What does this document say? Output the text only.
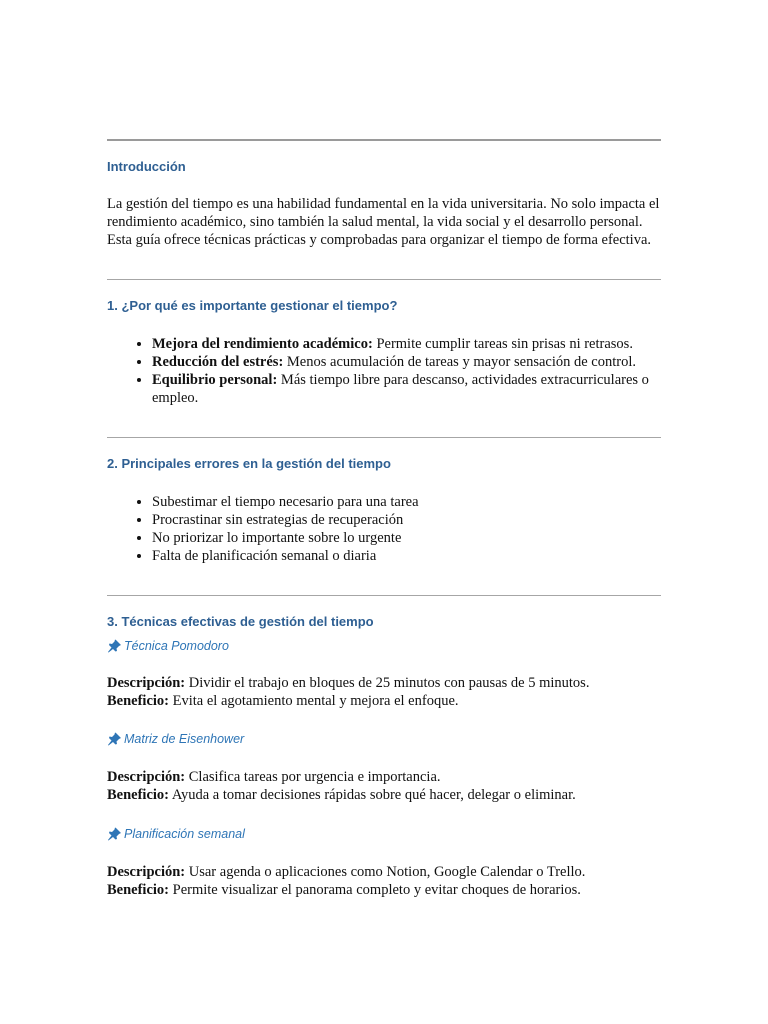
Introducción

La gestión del tiempo es una habilidad fundamental en la vida universitaria. No solo impacta el rendimiento académico, sino también la salud mental, la vida social y el desarrollo personal. Esta guía ofrece técnicas prácticas y comprobadas para organizar el tiempo de forma efectiva.

1. ¿Por qué es importante gestionar el tiempo?
• Mejora del rendimiento académico: Permite cumplir tareas sin prisas ni retrasos.
• Reducción del estrés: Menos acumulación de tareas y mayor sensación de control.
• Equilibrio personal: Más tiempo libre para descanso, actividades extracurriculares o empleo.
2. Principales errores en la gestión del tiempo
• Subestimar el tiempo necesario para una tarea
• Procrastinar sin estrategias de recuperación
• No priorizar lo importante sobre lo urgente
• Falta de planificación semanal o diaria
3. Técnicas efectivas de gestión del tiempo
Técnica Pomodoro

Descripción: Dividir el trabajo en bloques de 25 minutos con pausas de 5 minutos.

Beneficio: Evita el agotamiento mental y mejora el enfoque.

Matriz de Eisenhower

Descripción: Clasifica tareas por urgencia e importancia.

Beneficio: Ayuda a tomar decisiones rápidas sobre qué hacer, delegar o eliminar.

Planificación semanal

Descripción: Usar agenda o aplicaciones como Notion, Google Calendar o Trello.

Beneficio: Permite visualizar el panorama completo y evitar choques de horarios.
